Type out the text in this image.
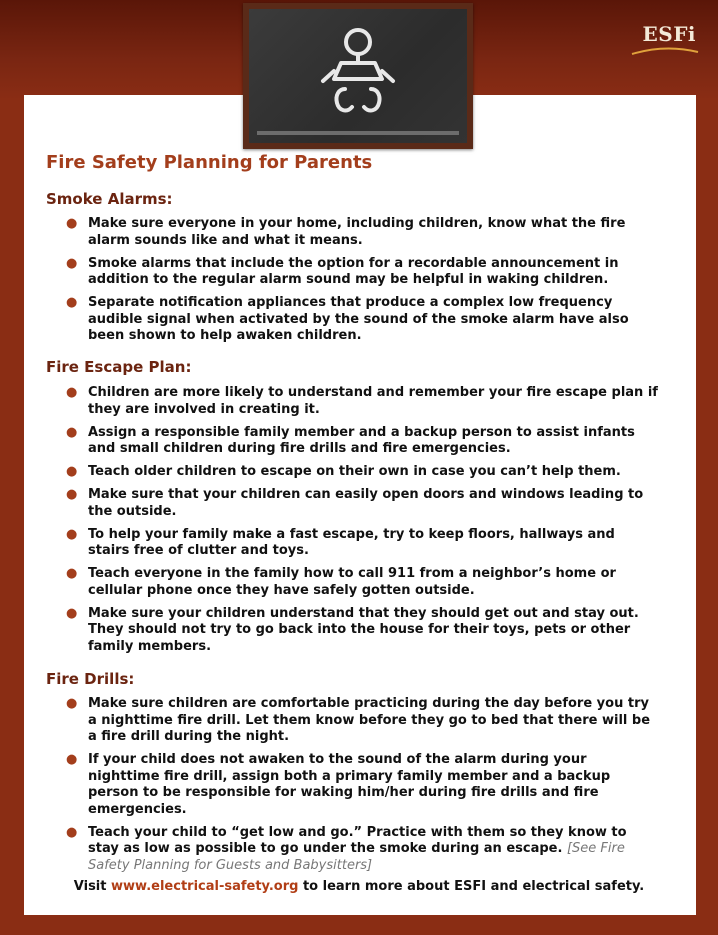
ESFi
Fire Safety Planning for Parents
Smoke Alarms:
● Make sure everyone in your home, including children, know what the fire alarm sounds like and what it means.
● Smoke alarms that include the option for a recordable announcement in addition to the regular alarm sound may be helpful in waking children.
● Separate notification appliances that produce a complex low frequency audible signal when activated by the sound of the smoke alarm have also been shown to help awaken children.
Fire Escape Plan:
● Children are more likely to understand and remember your fire escape plan if they are involved in creating it.
● Assign a responsible family member and a backup person to assist infants and small children during fire drills and fire emergencies.
● Teach older children to escape on their own in case you can’t help them.
● Make sure that your children can easily open doors and windows leading to the outside.
● To help your family make a fast escape, try to keep floors, hallways and stairs free of clutter and toys.
● Teach everyone in the family how to call 911 from a neighbor’s home or cellular phone once they have safely gotten outside.
● Make sure your children understand that they should get out and stay out. They should not try to go back into the house for their toys, pets or other family members.
Fire Drills:
● Make sure children are comfortable practicing during the day before you try a nighttime fire drill. Let them know before they go to bed that there will be a fire drill during the night.
● If your child does not awaken to the sound of the alarm during your nighttime fire drill, assign both a primary family member and a backup person to be responsible for waking him/her during fire drills and fire emergencies.
● Teach your child to “get low and go.” Practice with them so they know to stay as low as possible to go under the smoke during an escape. [See Fire Safety Planning for Guests and Babysitters]

Visit www.electrical-safety.org to learn more about ESFI and electrical safety.
